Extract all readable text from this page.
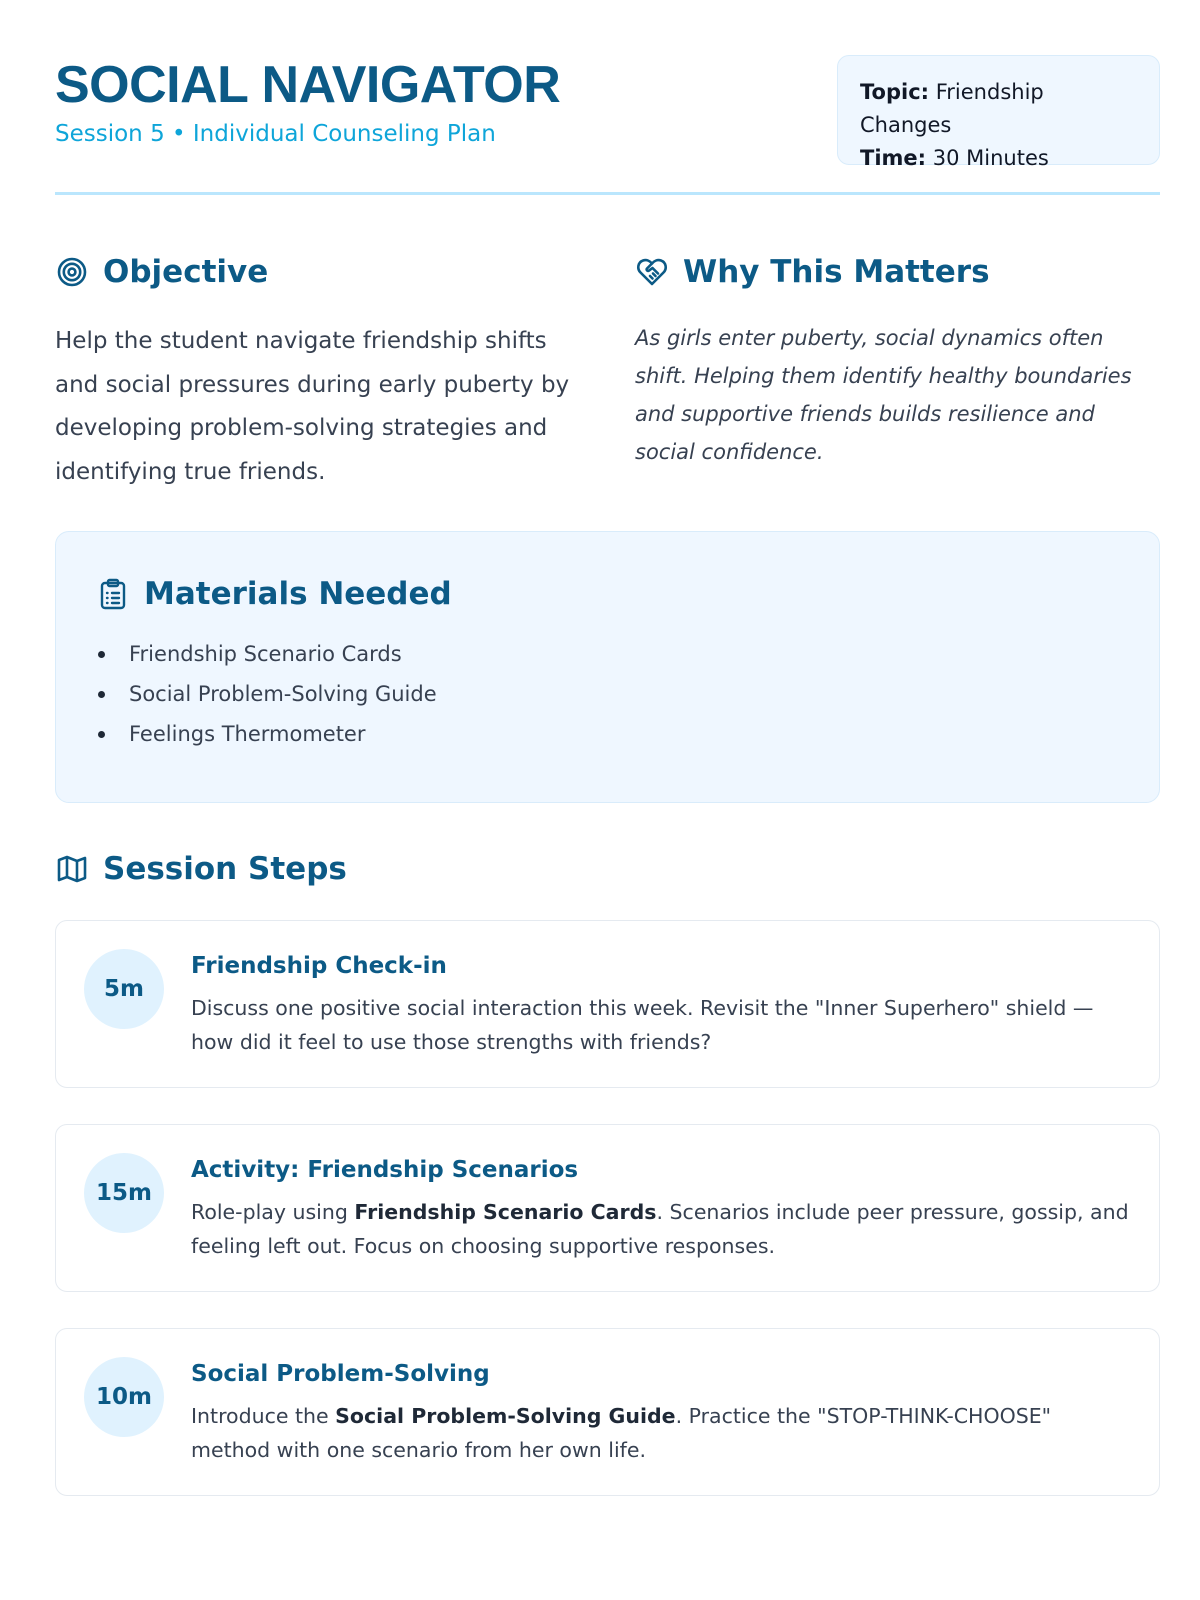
SOCIAL NAVIGATOR
Session 5 • Individual Counseling Plan
Topic: Friendship Changes
Time: 30 Minutes
Objective

Help the student navigate friendship shifts and social pressures during early puberty by developing problem-solving strategies and identifying true friends.

Why This Matters

As girls enter puberty, social dynamics often shift. Helping them identify healthy boundaries and supportive friends builds resilience and social confidence.

Materials Needed
Friendship Scenario Cards
Social Problem-Solving Guide
Feelings Thermometer
Session Steps
5m
Friendship Check-in

Discuss one positive social interaction this week. Revisit the "Inner Superhero" shield — how did it feel to use those strengths with friends?

15m
Activity: Friendship Scenarios

Role-play using Friendship Scenario Cards. Scenarios include peer pressure, gossip, and feeling left out. Focus on choosing supportive responses.

10m
Social Problem-Solving

Introduce the Social Problem-Solving Guide. Practice the "STOP-THINK-CHOOSE" method with one scenario from her own life.
